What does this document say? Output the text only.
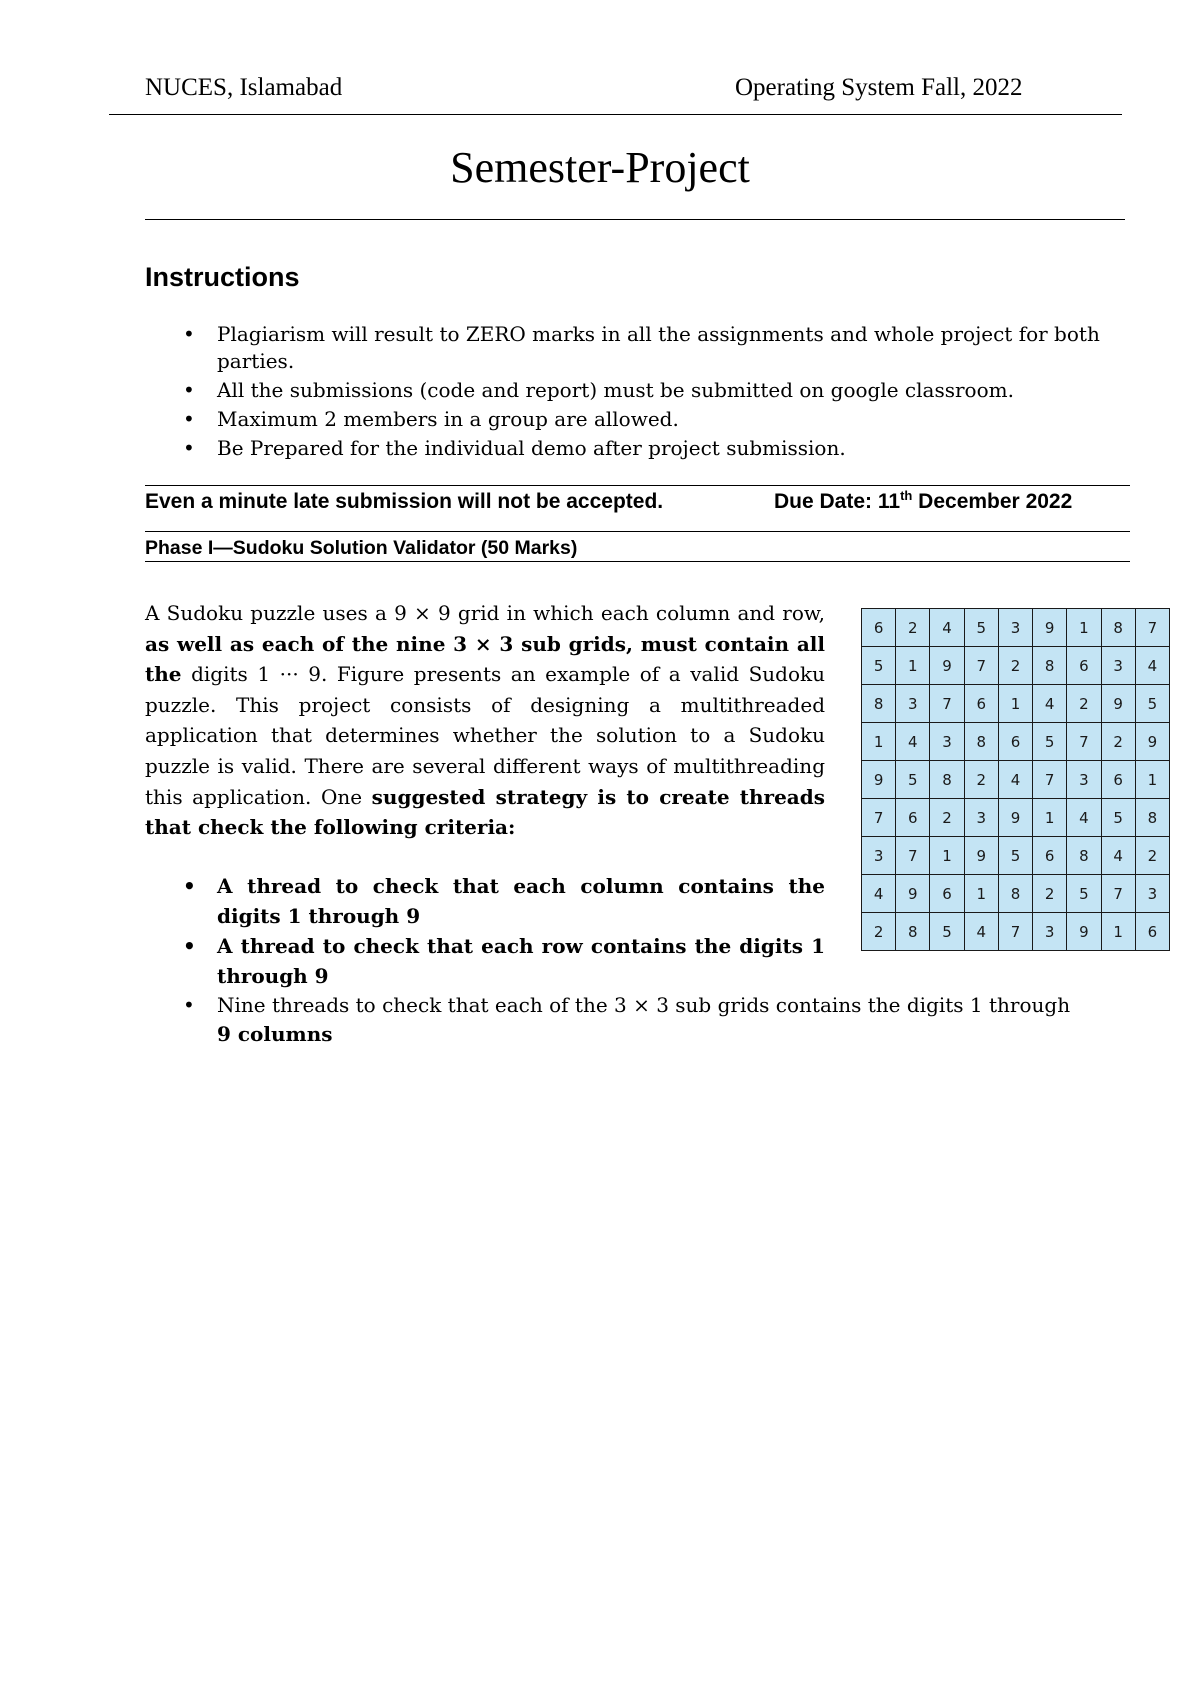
NUCES, Islamabad	Operating System Fall, 2022
Semester-Project
Instructions
• Plagiarism will result to ZERO marks in all the assignments and whole project for both parties.
• All the submissions (code and report) must be submitted on google classroom.
• Maximum 2 members in a group are allowed.
• Be Prepared for the individual demo after project submission.
Even a minute late submission will not be accepted.	Due Date: 11th December 2022
Phase I—Sudoku Solution Validator (50 Marks)
A Sudoku puzzle uses a 9 × 9 grid in which each column and row, as well as each of the nine 3 × 3 sub grids, must contain all the digits 1 ··· 9. Figure presents an example of a valid Sudoku puzzle. This project consists of designing a multithreaded application that determines whether the solution to a Sudoku puzzle is valid. There are several different ways of multithreading this application. One suggested strategy is to create threads that check the following criteria:
• A thread to check that each column contains the digits 1 through 9
• A thread to check that each row contains the digits 1 through 9
• Nine threads to check that each of the 3 × 3 sub grids contains the digits 1 through
9 columns
6	2	4	5	3	9	1	8	7
5	1	9	7	2	8	6	3	4
8	3	7	6	1	4	2	9	5
1	4	3	8	6	5	7	2	9
9	5	8	2	4	7	3	6	1
7	6	2	3	9	1	4	5	8
3	7	1	9	5	6	8	4	2
4	9	6	1	8	2	5	7	3
2	8	5	4	7	3	9	1	6
